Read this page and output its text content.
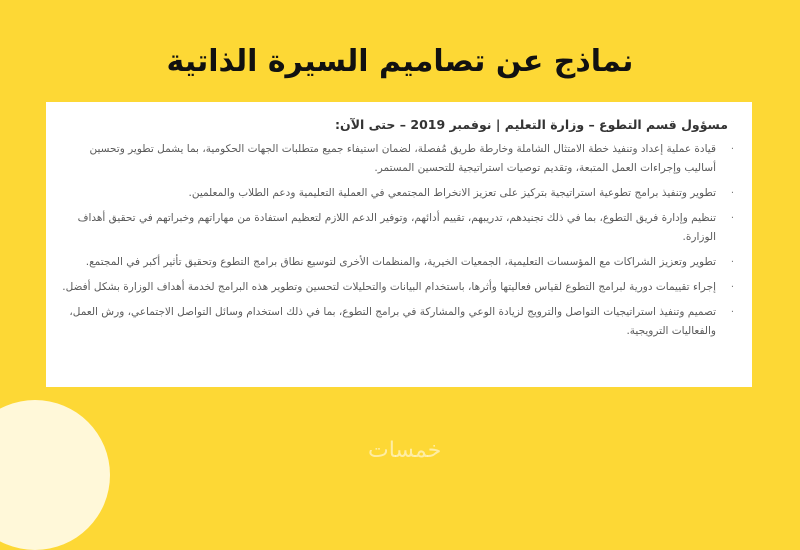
نماذج عن تصاميم السيرة الذاتية
مسؤول قسم التطوع – وزارة التعليم | نوفمبر 2019 – حتى الآن:
·
قيادة عملية إعداد وتنفيذ خطة الامتثال الشاملة وخارطة طريق مُفصلة، لضمان استيفاء جميع متطلبات الجهات الحكومية، بما يشمل تطوير وتحسين أساليب وإجراءات العمل المتبعة، وتقديم توصيات استراتيجية للتحسين المستمر.
·
تطوير وتنفيذ برامج تطوعية استراتيجية بتركيز على تعزيز الانخراط المجتمعي في العملية التعليمية ودعم الطلاب والمعلمين.
·
تنظيم وإدارة فريق التطوع، بما في ذلك تجنيدهم، تدريبهم، تقييم أدائهم، وتوفير الدعم اللازم لتعظيم استفادة من مهاراتهم وخبراتهم في تحقيق أهداف الوزارة.
·
تطوير وتعزيز الشراكات مع المؤسسات التعليمية، الجمعيات الخيرية، والمنظمات الأخرى لتوسيع نطاق برامج التطوع وتحقيق تأثير أكبر في المجتمع.
·
إجراء تقييمات دورية لبرامج التطوع لقياس فعاليتها وأثرها، باستخدام البيانات والتحليلات لتحسين وتطوير هذه البرامج لخدمة أهداف الوزارة بشكل أفضل.
·
تصميم وتنفيذ استراتيجيات التواصل والترويج لزيادة الوعي والمشاركة في برامج التطوع، بما في ذلك استخدام وسائل التواصل الاجتماعي، ورش العمل، والفعاليات الترويجية.
خمسات
